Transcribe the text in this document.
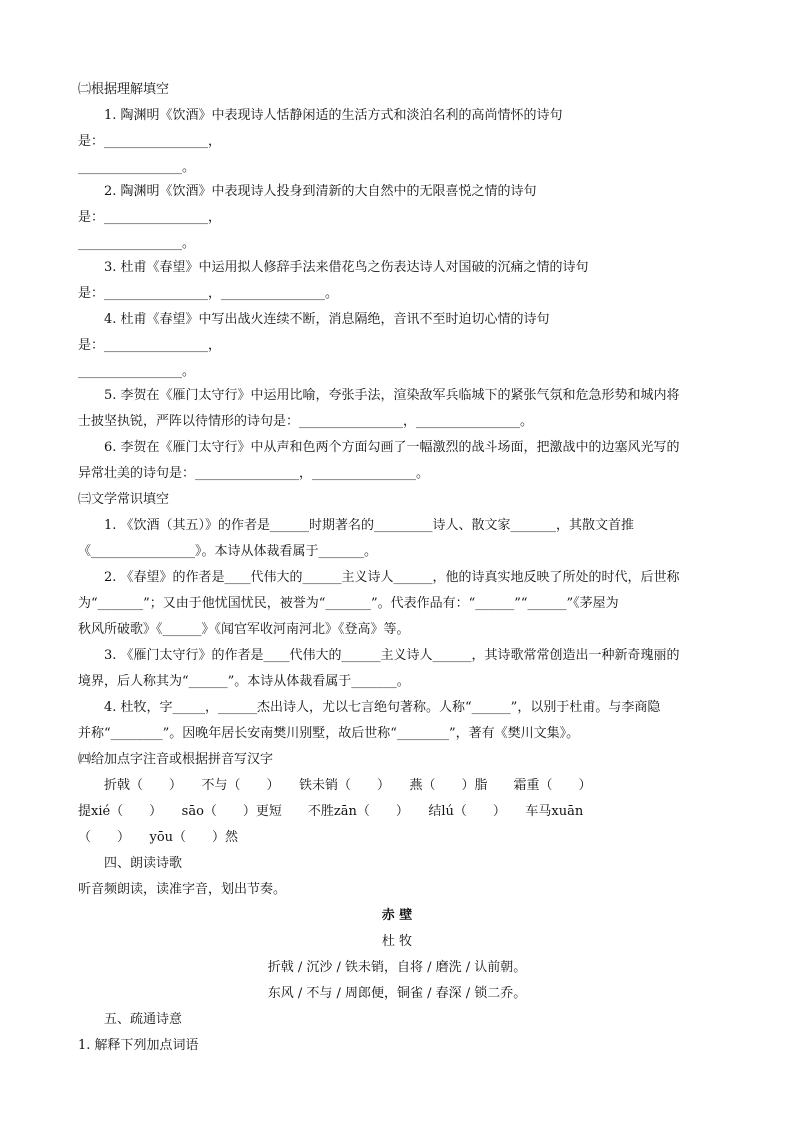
㈡根据理解填空
1. 陶渊明《饮酒》中表现诗人恬静闲适的生活方式和淡泊名利的高尚情怀的诗句
是：________________，
________________。
2. 陶渊明《饮酒》中表现诗人投身到清新的大自然中的无限喜悦之情的诗句
是：________________，
________________。
3. 杜甫《春望》中运用拟人修辞手法来借花鸟之伤表达诗人对国破的沉痛之情的诗句
是：________________，________________。
4. 杜甫《春望》中写出战火连续不断，消息隔绝，音讯不至时迫切心情的诗句
是：________________，
________________。
5. 李贺在《雁门太守行》中运用比喻，夸张手法，渲染敌军兵临城下的紧张气氛和危急形势和城内将
士披坚执锐，严阵以待情形的诗句是：________________，________________。
6. 李贺在《雁门太守行》中从声和色两个方面勾画了一幅激烈的战斗场面，把激战中的边塞风光写的
异常壮美的诗句是：________________，________________。
㈢文学常识填空
1. 《饮酒（其五）》的作者是______时期著名的_________诗人、散文家_______，其散文首推
《________________》。本诗从体裁看属于_______。
2. 《春望》的作者是____代伟大的______主义诗人______，他的诗真实地反映了所处的时代，后世称
为“_______”；又由于他忧国忧民，被誉为“_______”。代表作品有：“______”“______”《茅屋为
秋风所破歌》《______》《闻官军收河南河北》《登高》等。
3. 《雁门太守行》的作者是____代伟大的______主义诗人______，其诗歌常常创造出一种新奇瑰丽的
境界，后人称其为“______”。本诗从体裁看属于_______。
4. 杜牧，字_____，______杰出诗人，尤以七言绝句著称。人称“______”，以别于杜甫。与李商隐
并称“________”。因晚年居长安南樊川别墅，故后世称“________”，著有《樊川文集》。
㈣给加点字注音或根据拼音写汉字
折戟（　　）　　不与（　　）　　铁未销（　　）　　燕（　　）脂　　霜重（　　）
提xié（　　）　　sāo（　　）更短　　不胜zān（　　）　　结lú（　　）　　车马xuān
（　　）　　yōu（　　）然
四、朗读诗歌
听音频朗读，读准字音，划出节奏。
赤 壁
杜 牧
折戟 / 沉沙 / 铁未销，自将 / 磨洗 / 认前朝。
东风 / 不与 / 周郎便，铜雀 / 春深 / 锁二乔。
五、疏通诗意
1. 解释下列加点词语
